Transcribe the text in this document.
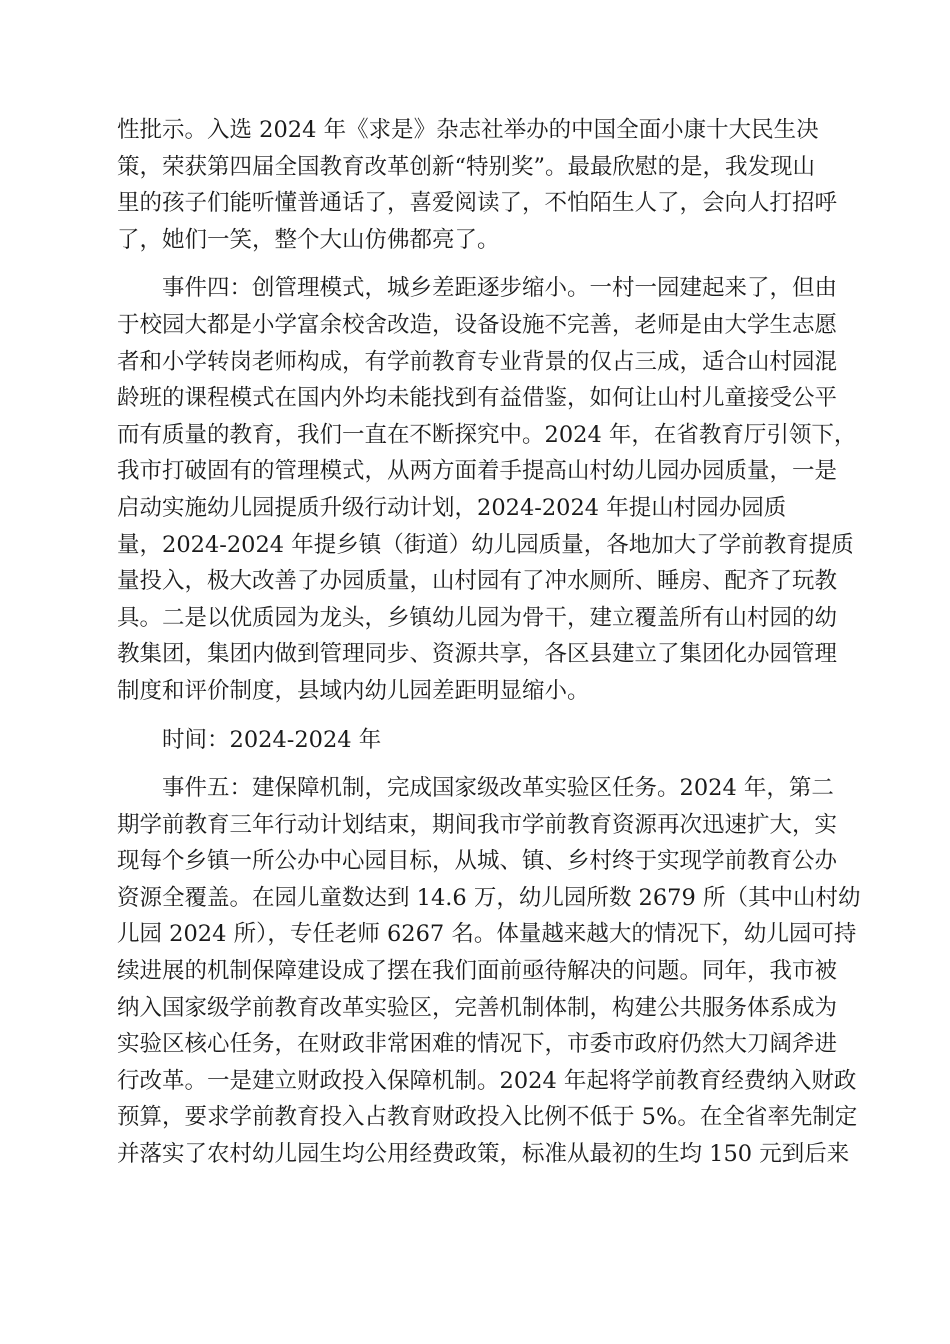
性批示。入选 2024 年《求是》杂志社举办的中国全面小康十大民生决
策，荣获第四届全国教育改革创新“特别奖”。最最欣慰的是，我发现山
里的孩子们能听懂普通话了，喜爱阅读了，不怕陌生人了，会向人打招呼
了，她们一笑，整个大山仿佛都亮了。
事件四：创管理模式，城乡差距逐步缩小。一村一园建起来了，但由
于校园大都是小学富余校舍改造，设备设施不完善，老师是由大学生志愿
者和小学转岗老师构成，有学前教育专业背景的仅占三成，适合山村园混
龄班的课程模式在国内外均未能找到有益借鉴，如何让山村儿童接受公平
而有质量的教育，我们一直在不断探究中。2024 年，在省教育厅引领下，
我市打破固有的管理模式，从两方面着手提高山村幼儿园办园质量，一是
启动实施幼儿园提质升级行动计划，2024-2024 年提山村园办园质
量，2024-2024 年提乡镇（街道）幼儿园质量，各地加大了学前教育提质
量投入，极大改善了办园质量，山村园有了冲水厕所、睡房、配齐了玩教
具。二是以优质园为龙头，乡镇幼儿园为骨干，建立覆盖所有山村园的幼
教集团，集团内做到管理同步、资源共享，各区县建立了集团化办园管理
制度和评价制度，县域内幼儿园差距明显缩小。
时间：2024-2024 年
事件五：建保障机制，完成国家级改革实验区任务。2024 年，第二
期学前教育三年行动计划结束，期间我市学前教育资源再次迅速扩大，实
现每个乡镇一所公办中心园目标，从城、镇、乡村终于实现学前教育公办
资源全覆盖。在园儿童数达到 14.6 万，幼儿园所数 2679 所（其中山村幼
儿园 2024 所），专任老师 6267 名。体量越来越大的情况下，幼儿园可持
续进展的机制保障建设成了摆在我们面前亟待解决的问题。同年，我市被
纳入国家级学前教育改革实验区，完善机制体制，构建公共服务体系成为
实验区核心任务，在财政非常困难的情况下，市委市政府仍然大刀阔斧进
行改革。一是建立财政投入保障机制。2024 年起将学前教育经费纳入财政
预算，要求学前教育投入占教育财政投入比例不低于 5%。在全省率先制定
并落实了农村幼儿园生均公用经费政策，标准从最初的生均 150 元到后来
